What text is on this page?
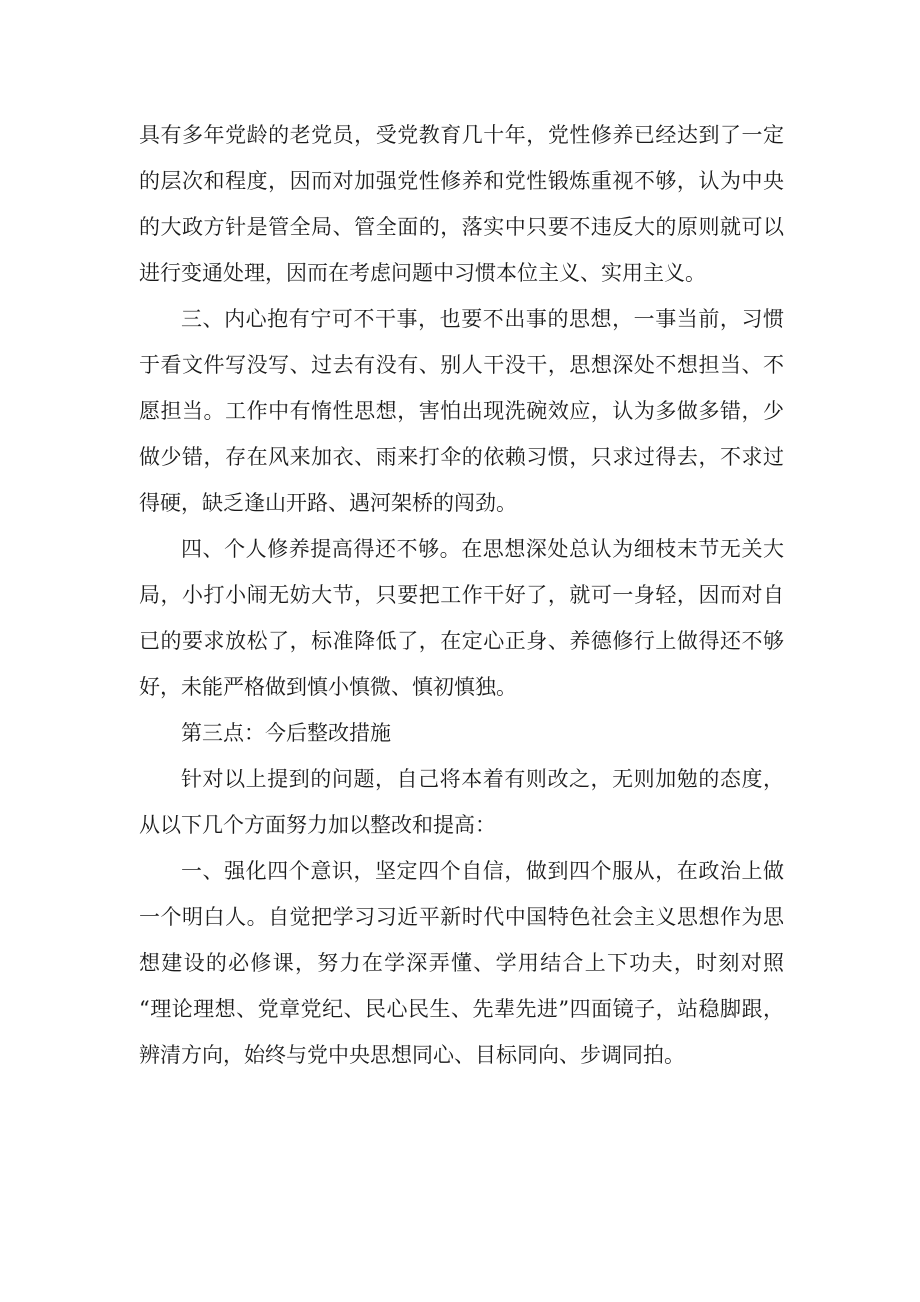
具有多年党龄的老党员，受党教育几十年，党性修养已经达到了一定
的层次和程度，因而对加强党性修养和党性锻炼重视不够，认为中央
的大政方针是管全局、管全面的，落实中只要不违反大的原则就可以
进行变通处理，因而在考虑问题中习惯本位主义、实用主义。
三、内心抱有宁可不干事，也要不出事的思想，一事当前，习惯
于看文件写没写、过去有没有、别人干没干，思想深处不想担当、不
愿担当。工作中有惰性思想，害怕出现洗碗效应，认为多做多错，少
做少错，存在风来加衣、雨来打伞的依赖习惯，只求过得去，不求过
得硬，缺乏逢山开路、遇河架桥的闯劲。
四、个人修养提高得还不够。在思想深处总认为细枝末节无关大
局，小打小闹无妨大节，只要把工作干好了，就可一身轻，因而对自
已的要求放松了，标准降低了，在定心正身、养德修行上做得还不够
好，未能严格做到慎小慎微、慎初慎独。
第三点：今后整改措施
针对以上提到的问题，自己将本着有则改之，无则加勉的态度，
从以下几个方面努力加以整改和提高：
一、强化四个意识，坚定四个自信，做到四个服从，在政治上做
一个明白人。自觉把学习习近平新时代中国特色社会主义思想作为思
想建设的必修课，努力在学深弄懂、学用结合上下功夫，时刻对照
“理论理想、党章党纪、民心民生、先辈先进”四面镜子，站稳脚跟，
辨清方向，始终与党中央思想同心、目标同向、步调同拍。
